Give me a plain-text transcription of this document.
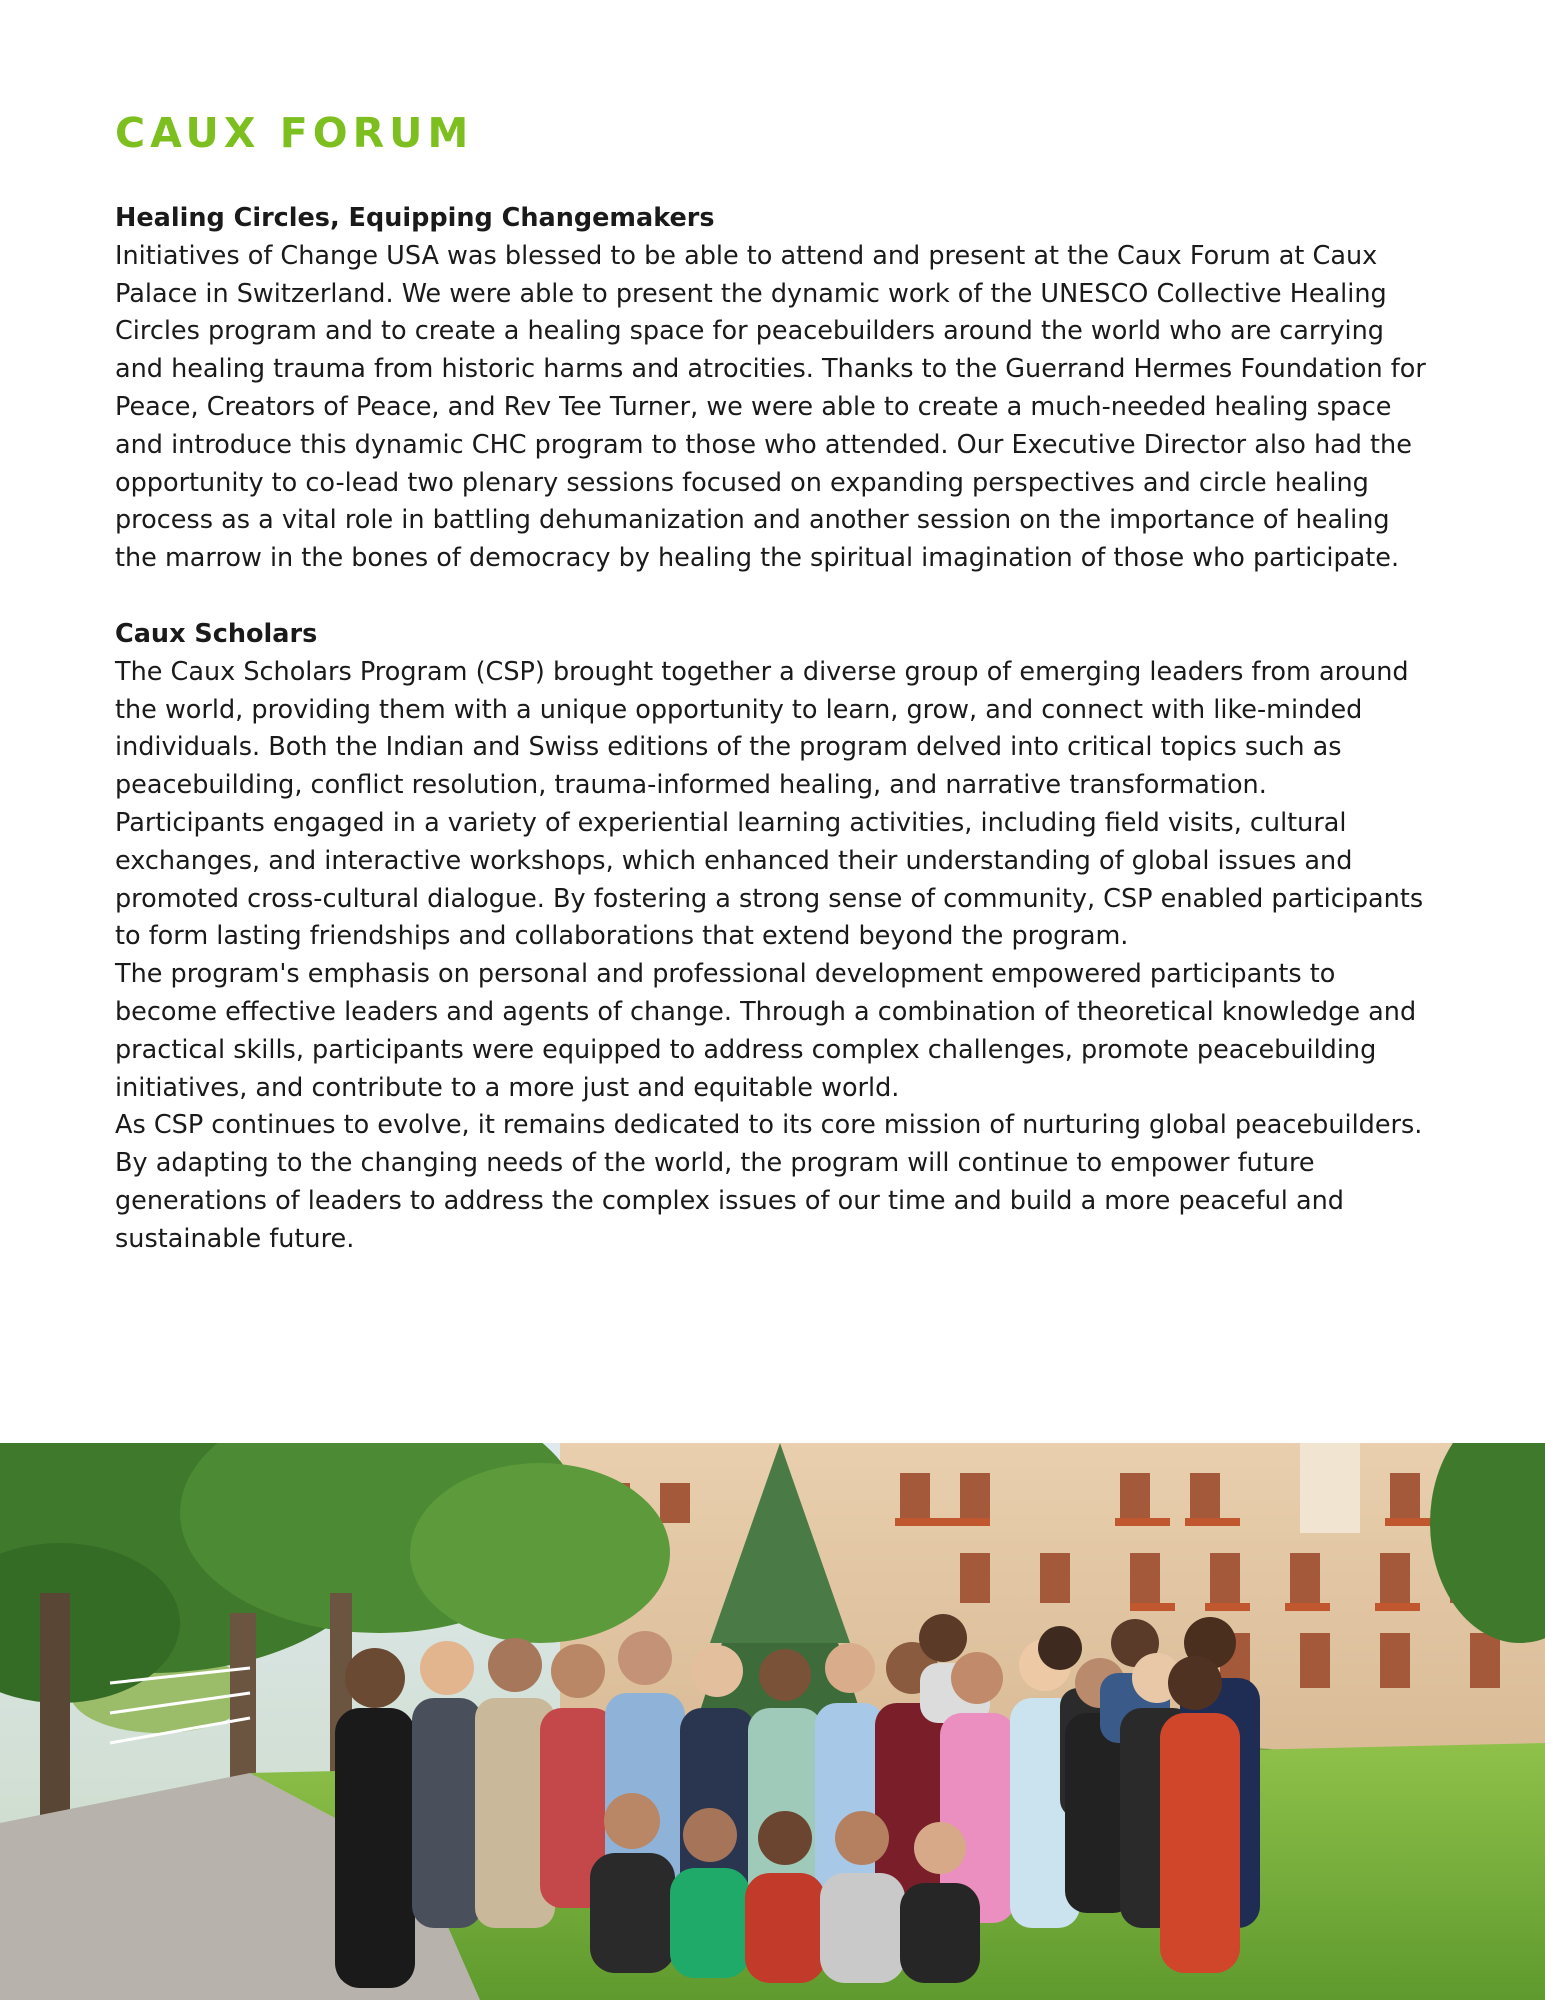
CAUX FORUM

Healing Circles, Equipping Changemakers

Initiatives of Change USA was blessed to be able to attend and present at the Caux Forum at Caux Palace in Switzerland. We were able to present the dynamic work of the UNESCO Collective Healing Circles program and to create a healing space for peacebuilders around the world who are carrying and healing trauma from historic harms and atrocities. Thanks to the Guerrand Hermes Foundation for Peace, Creators of Peace, and Rev Tee Turner, we were able to create a much-needed healing space and introduce this dynamic CHC program to those who attended. Our Executive Director also had the opportunity to co-lead two plenary sessions focused on expanding perspectives and circle healing process as a vital role in battling dehumanization and another session on the importance of healing the marrow in the bones of democracy by healing the spiritual imagination of those who participate.

Caux Scholars

The Caux Scholars Program (CSP) brought together a diverse group of emerging leaders from around the world, providing them with a unique opportunity to learn, grow, and connect with like-minded individuals. Both the Indian and Swiss editions of the program delved into critical topics such as peacebuilding, conflict resolution, trauma-informed healing, and narrative transformation.

Participants engaged in a variety of experiential learning activities, including field visits, cultural exchanges, and interactive workshops, which enhanced their understanding of global issues and promoted cross-cultural dialogue. By fostering a strong sense of community, CSP enabled participants to form lasting friendships and collaborations that extend beyond the program.

The program's emphasis on personal and professional development empowered participants to become effective leaders and agents of change. Through a combination of theoretical knowledge and practical skills, participants were equipped to address complex challenges, promote peacebuilding initiatives, and contribute to a more just and equitable world.

As CSP continues to evolve, it remains dedicated to its core mission of nurturing global peacebuilders. By adapting to the changing needs of the world, the program will continue to empower future generations of leaders to address the complex issues of our time and build a more peaceful and sustainable future.
